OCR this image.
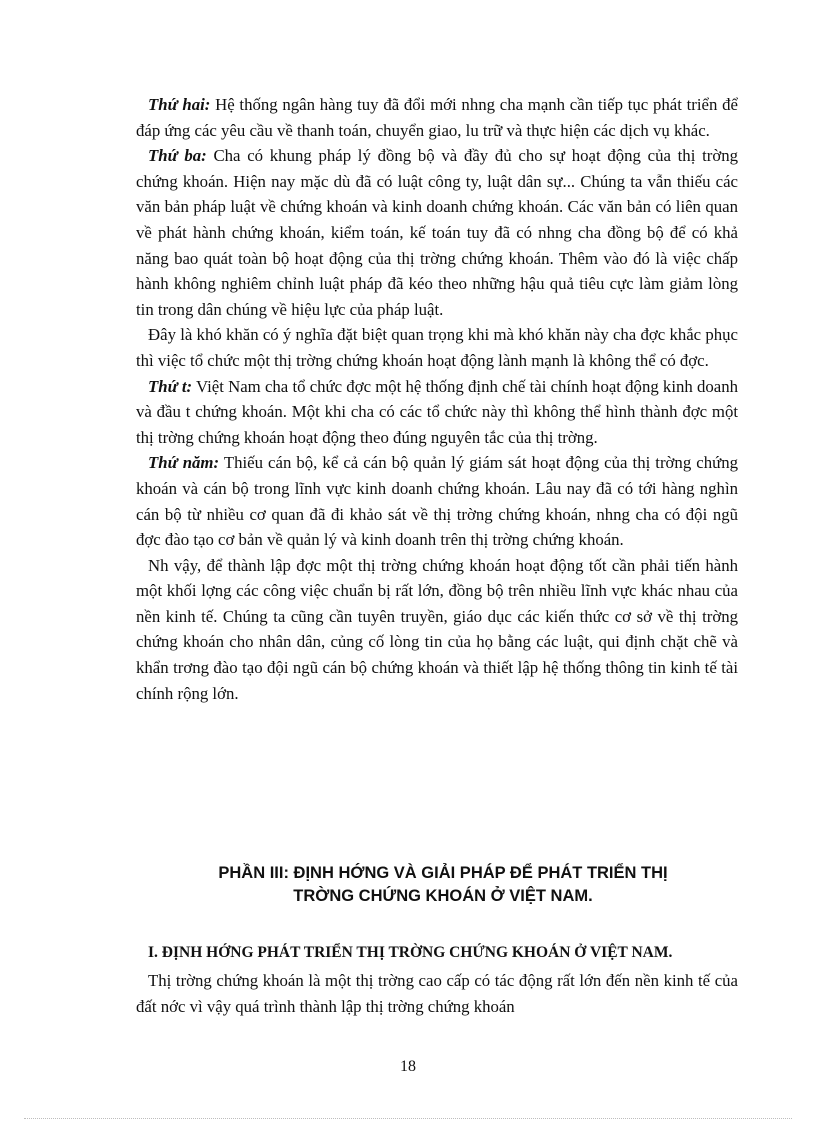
Thứ hai: Hệ thống ngân hàng tuy đã đổi mới nhng cha mạnh cần tiếp tục phát triển để đáp ứng các yêu cầu về thanh toán, chuyển giao, lu trữ và thực hiện các dịch vụ khác.

Thứ ba: Cha có khung pháp lý đồng bộ và đầy đủ cho sự hoạt động của thị trờng chứng khoán. Hiện nay mặc dù đã có luật công ty, luật dân sự... Chúng ta vẫn thiếu các văn bản pháp luật về chứng khoán và kinh doanh chứng khoán. Các văn bản có liên quan về phát hành chứng khoán, kiểm toán, kế toán tuy đã có nhng cha đồng bộ để có khả năng bao quát toàn bộ hoạt động của thị trờng chứng khoán. Thêm vào đó là việc chấp hành không nghiêm chỉnh luật pháp đã kéo theo những hậu quả tiêu cực làm giảm lòng tin trong dân chúng về hiệu lực của pháp luật.

Đây là khó khăn có ý nghĩa đặt biệt quan trọng khi mà khó khăn này cha đợc khắc phục thì việc tổ chức một thị trờng chứng khoán hoạt động lành mạnh là không thể có đợc.

Thứ t: Việt Nam cha tổ chức đợc một hệ thống định chế tài chính hoạt động kinh doanh và đầu t chứng khoán. Một khi cha có các tổ chức này thì không thể hình thành đợc một thị trờng chứng khoán hoạt động theo đúng nguyên tắc của thị trờng.

Thứ năm: Thiếu cán bộ, kể cả cán bộ quản lý giám sát hoạt động của thị trờng chứng khoán và cán bộ trong lĩnh vực kinh doanh chứng khoán. Lâu nay đã có tới hàng nghìn cán bộ từ nhiều cơ quan đã đi khảo sát về thị trờng chứng khoán, nhng cha có đội ngũ đợc đào tạo cơ bản về quản lý và kinh doanh trên thị trờng chứng khoán.

Nh vậy, để thành lập đợc một thị trờng chứng khoán hoạt động tốt cần phải tiến hành một khối lợng các công việc chuẩn bị rất lớn, đồng bộ trên nhiều lĩnh vực khác nhau của nền kinh tế. Chúng ta cũng cần tuyên truyền, giáo dục các kiến thức cơ sở về thị trờng chứng khoán cho nhân dân, củng cố lòng tin của họ bằng các luật, qui định chặt chẽ và khẩn trơng đào tạo đội ngũ cán bộ chứng khoán và thiết lập hệ thống thông tin kinh tế tài chính rộng lớn.

PHẦN III: ĐỊNH HỚNG VÀ GIẢI PHÁP ĐỂ PHÁT TRIỂN THỊ
TRỜNG CHỨNG KHOÁN Ở VIỆT NAM.
I. ĐỊNH HỚNG PHÁT TRIỂN THỊ TRỜNG CHỨNG KHOÁN Ở VIỆT NAM.

Thị trờng chứng khoán là một thị trờng cao cấp có tác động rất lớn đến nền kinh tế của đất nớc vì vậy quá trình thành lập thị trờng chứng khoán

18
